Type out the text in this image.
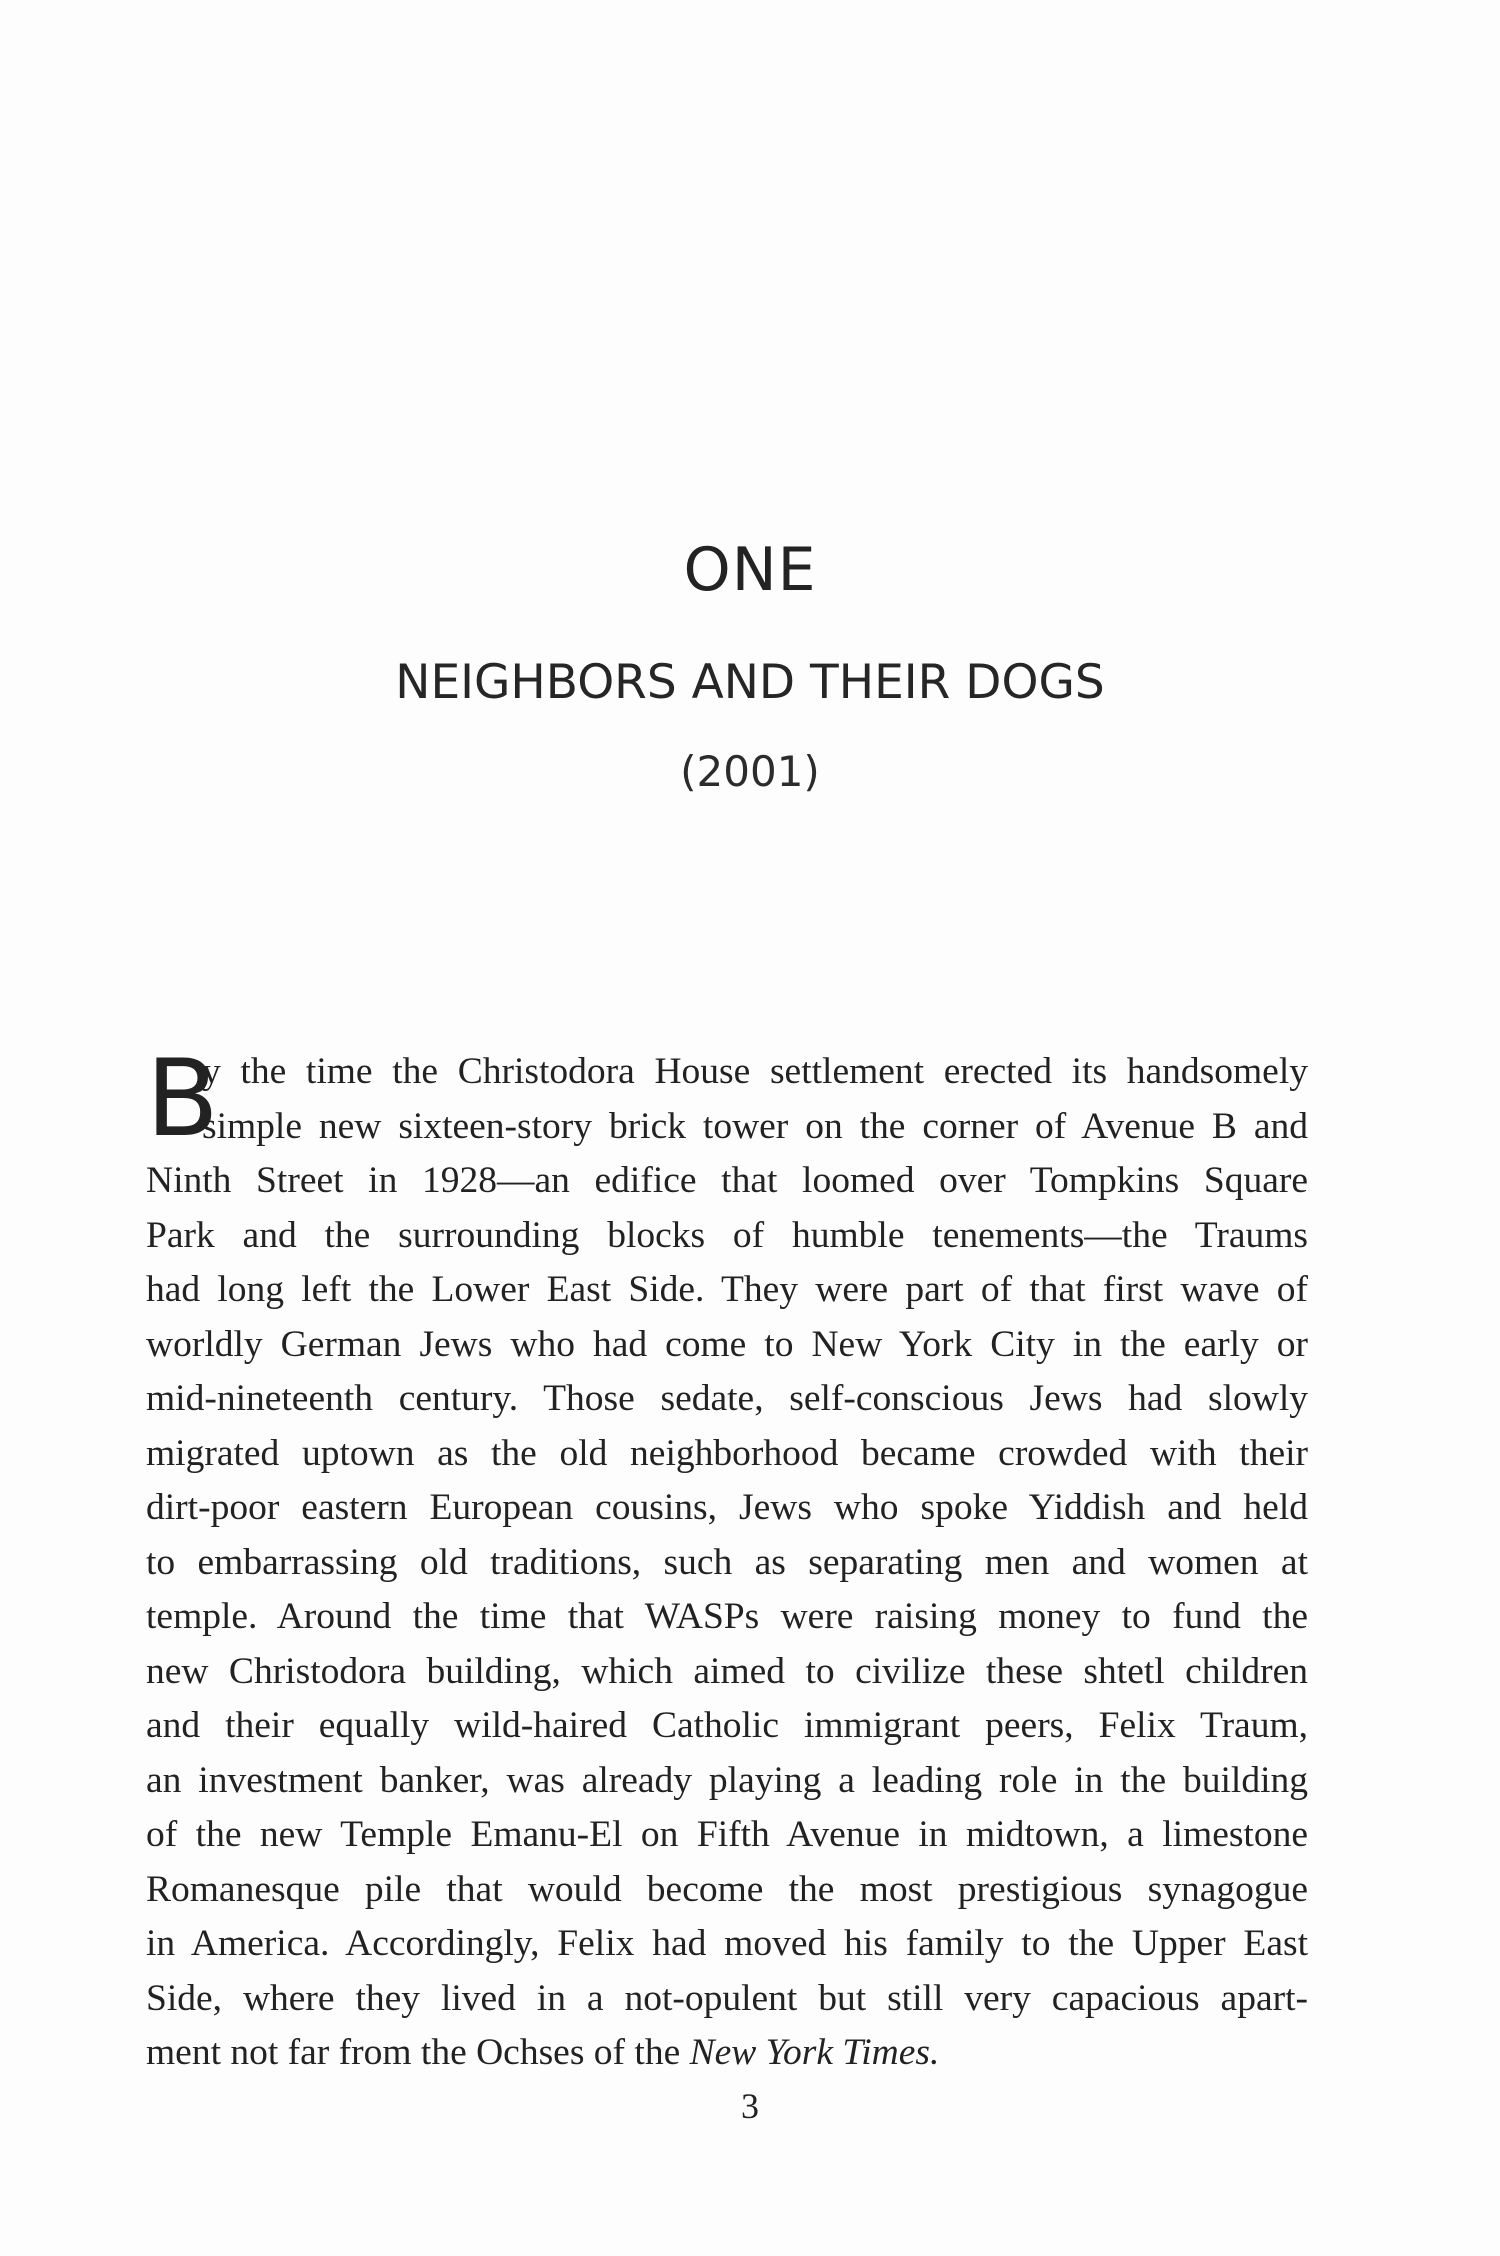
ONE
NEIGHBORS AND THEIR DOGS
(2001)
B
y the time the Christodora House settlement erected its handsomely
simple new sixteen-story brick tower on the corner of Avenue B and
Ninth Street in 1928—an edifice that loomed over Tompkins Square
Park and the surrounding blocks of humble tenements—the Traums
had long left the Lower East Side. They were part of that first wave of
worldly German Jews who had come to New York City in the early or
mid-nineteenth century. Those sedate, self-conscious Jews had slowly
migrated uptown as the old neighborhood became crowded with their
dirt-poor eastern European cousins, Jews who spoke Yiddish and held
to embarrassing old traditions, such as separating men and women at
temple. Around the time that WASPs were raising money to fund the
new Christodora building, which aimed to civilize these shtetl children
and their equally wild-haired Catholic immigrant peers, Felix Traum,
an investment banker, was already playing a leading role in the building
of the new Temple Emanu-El on Fifth Avenue in midtown, a limestone
Romanesque pile that would become the most prestigious synagogue
in America. Accordingly, Felix had moved his family to the Upper East
Side, where they lived in a not-opulent but still very capacious apart-
ment not far from the Ochses of the New York Times.
3
